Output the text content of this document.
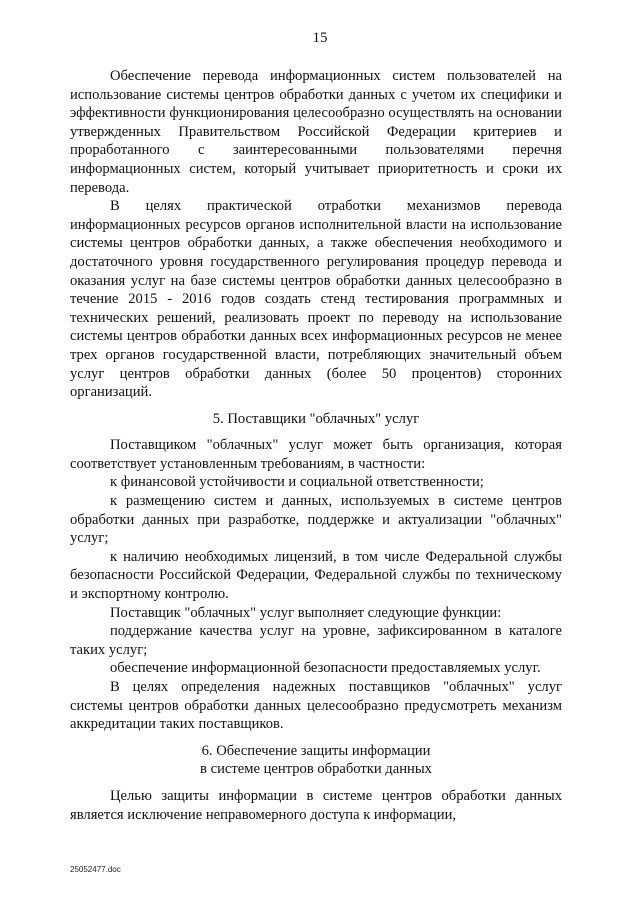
15

Обеспечение перевода информационных систем пользователей на использование системы центров обработки данных с учетом их специфики и эффективности функционирования целесообразно осуществлять на основании утвержденных Правительством Российской Федерации критериев и проработанного с заинтересованными пользователями перечня информационных систем, который учитывает приоритетность и сроки их перевода.

В целях практической отработки механизмов перевода информационных ресурсов органов исполнительной власти на использование системы центров обработки данных, а также обеспечения необходимого и достаточного уровня государственного регулирования процедур перевода и оказания услуг на базе системы центров обработки данных целесообразно в течение 2015 - 2016 годов создать стенд тестирования программных и технических решений, реализовать проект по переводу на использование системы центров обработки данных всех информационных ресурсов не менее трех органов государственной власти, потребляющих значительный объем услуг центров обработки данных (более 50 процентов) сторонних организаций.

5. Поставщики "облачных" услуг

Поставщиком "облачных" услуг может быть организация, которая соответствует установленным требованиям, в частности:

к финансовой устойчивости и социальной ответственности;

к размещению систем и данных, используемых в системе центров обработки данных при разработке, поддержке и актуализации "облачных" услуг;

к наличию необходимых лицензий, в том числе Федеральной службы безопасности Российской Федерации, Федеральной службы по техническому и экспортному контролю.

Поставщик "облачных" услуг выполняет следующие функции:

поддержание качества услуг на уровне, зафиксированном в каталоге таких услуг;

обеспечение информационной безопасности предоставляемых услуг.

В целях определения надежных поставщиков "облачных" услуг системы центров обработки данных целесообразно предусмотреть механизм аккредитации таких поставщиков.

6. Обеспечение защиты информации
в системе центров обработки данных

Целью защиты информации в системе центров обработки данных является исключение неправомерного доступа к информации,

25052477.doc
